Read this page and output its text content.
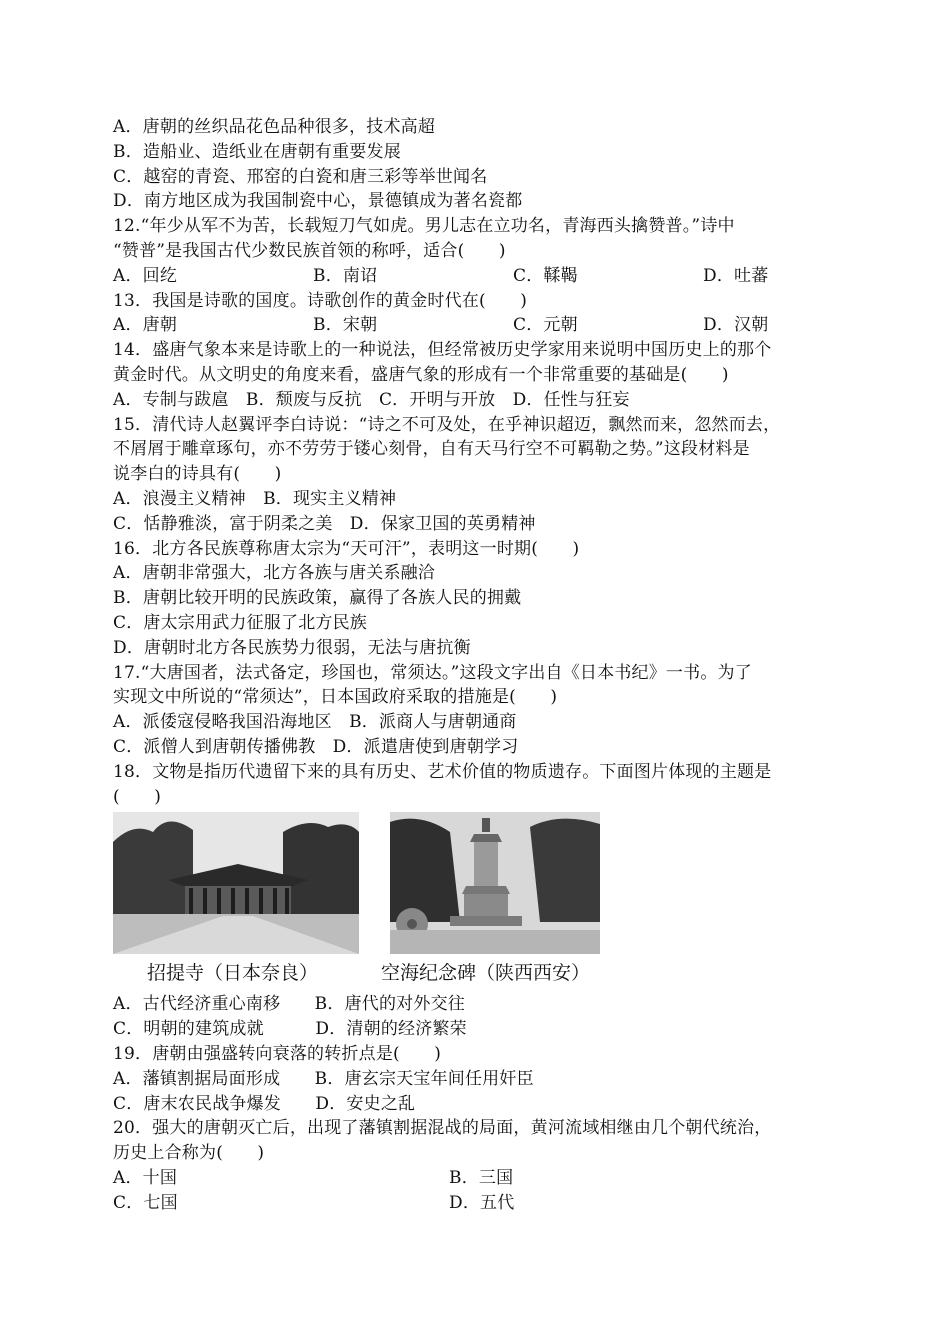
A．唐朝的丝织品花色品种很多，技术高超
B．造船业、造纸业在唐朝有重要发展
C．越窑的青瓷、邢窑的白瓷和唐三彩等举世闻名
D．南方地区成为我国制瓷中心，景德镇成为著名瓷都
12.“年少从军不为苦，长载短刀气如虎。男儿志在立功名，青海西头擒赞普。”诗中
“赞普”是我国古代少数民族首领的称呼，适合(　　)
A．回纥	B．南诏	C．鞣鞨	D．吐蕃
13．我国是诗歌的国度。诗歌创作的黄金时代在(　　)
A．唐朝	B．宋朝	C．元朝	D．汉朝
14．盛唐气象本来是诗歌上的一种说法，但经常被历史学家用来说明中国历史上的那个
黄金时代。从文明史的角度来看，盛唐气象的形成有一个非常重要的基础是(　　)
A．专制与跋扈　B．颓废与反抗　C．开明与开放　D．任性与狂妄
15．清代诗人赵翼评李白诗说：“诗之不可及处，在乎神识超迈，飘然而来，忽然而去，
不屑屑于雕章琢句，亦不劳劳于镂心刻骨，自有天马行空不可羁勒之势。”这段材料是
说李白的诗具有(　　)
A．浪漫主义精神　B．现实主义精神
C．恬静雅淡，富于阴柔之美　D．保家卫国的英勇精神
16．北方各民族尊称唐太宗为“天可汗”，表明这一时期(　　)
A．唐朝非常强大，北方各族与唐关系融洽
B．唐朝比较开明的民族政策，赢得了各族人民的拥戴
C．唐太宗用武力征服了北方民族
D．唐朝时北方各民族势力很弱，无法与唐抗衡
17.“大唐国者，法式备定，珍国也，常须达。”这段文字出自《日本书纪》一书。为了
实现文中所说的“常须达”，日本国政府采取的措施是(　　)
A．派倭寇侵略我国沿海地区　B．派商人与唐朝通商
C．派僧人到唐朝传播佛教　D．派遣唐使到唐朝学习
18．文物是指历代遗留下来的具有历史、艺术价值的物质遗存。下面图片体现的主题是
(　　)
招提寺（日本奈良）	空海纪念碑（陕西西安）
A．古代经济重心南移　　B．唐代的对外交往
C．明朝的建筑成就　　　D．清朝的经济繁荣
19．唐朝由强盛转向衰落的转折点是(　　)
A．藩镇割据局面形成　　B．唐玄宗天宝年间任用奸臣
C．唐末农民战争爆发　　D．安史之乱
20．强大的唐朝灭亡后，出现了藩镇割据混战的局面，黄河流域相继由几个朝代统治，
历史上合称为(　　)
A．十国	B．三国
C．七国	D．五代
